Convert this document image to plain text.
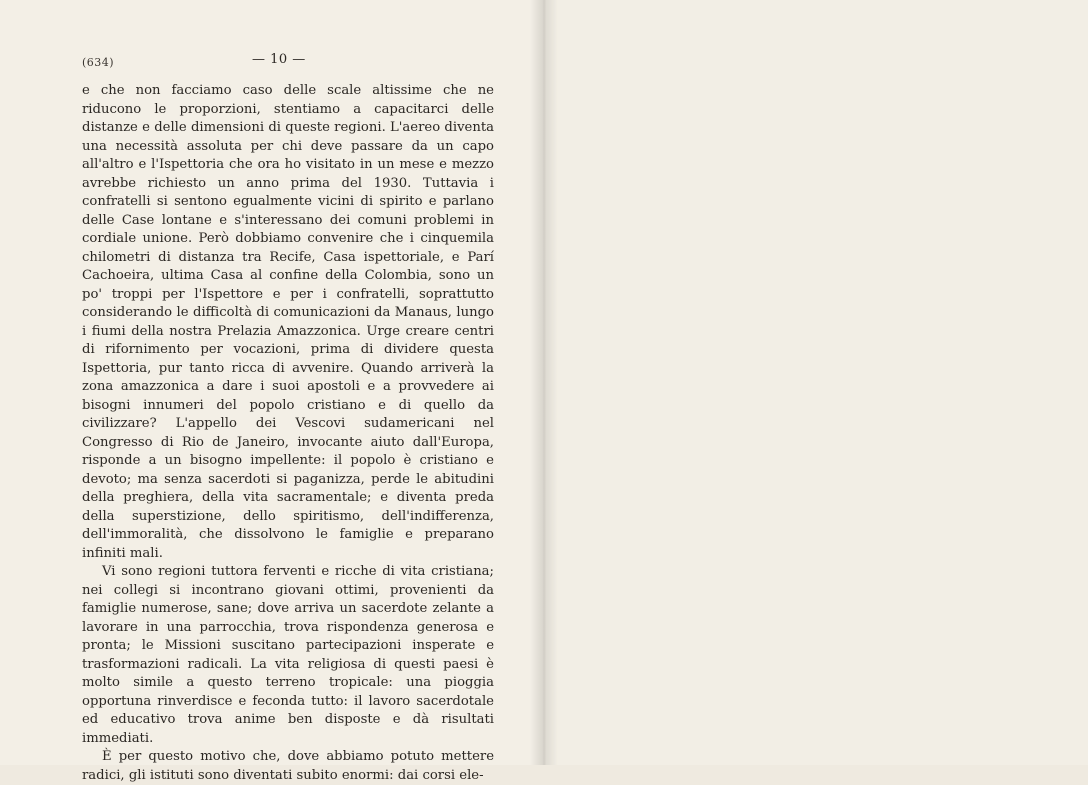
(634)	— 10 —

e che non facciamo caso delle scale altissime che ne riducono le proporzioni, stentiamo a capacitarci delle distanze e delle dimensioni di queste regioni. L'aereo diventa una necessità assoluta per chi deve passare da un capo all'altro e l'Ispettoria che ora ho visitato in un mese e mezzo avrebbe richiesto un anno prima del 1930. Tuttavia i confratelli si sentono egualmente vicini di spirito e parlano delle Case lontane e s'interessano dei comuni problemi in cordiale unione. Però dobbiamo convenire che i cinquemila chilometri di distanza tra Recife, Casa ispettoriale, e Parí Cachoeira, ultima Casa al confine della Colombia, sono un po' troppi per l'Ispettore e per i confratelli, soprattutto considerando le difficoltà di comunicazioni da Manaus, lungo i fiumi della nostra Prelazia Amazzonica. Urge creare centri di rifornimento per vocazioni, prima di dividere questa Ispettoria, pur tanto ricca di avvenire. Quando arriverà la zona amazzonica a dare i suoi apostoli e a provvedere ai bisogni innumeri del popolo cristiano e di quello da civilizzare? L'appello dei Vescovi sudamericani nel Congresso di Rio de Janeiro, invocante aiuto dall'Europa, risponde a un bisogno impellente: il popolo è cristiano e devoto; ma senza sacerdoti si paganizza, perde le abitudini della preghiera, della vita sacramentale; e diventa preda della superstizione, dello spiritismo, dell'indifferenza, dell'immoralità, che dissolvono le famiglie e preparano infiniti mali.

Vi sono regioni tuttora ferventi e ricche di vita cristiana; nei collegi si incontrano giovani ottimi, provenienti da famiglie numerose, sane; dove arriva un sacerdote zelante a lavorare in una parrocchia, trova rispondenza generosa e pronta; le Missioni suscitano partecipazioni insperate e trasformazioni radicali. La vita religiosa di questi paesi è molto simile a questo terreno tropicale: una pioggia opportuna rinverdisce e feconda tutto: il lavoro sacerdotale ed educativo trova anime ben disposte e dà risultati immediati.

È per questo motivo che, dove abbiamo potuto mettere radici, gli istituti sono diventati subito enormi: dai corsi ele-
